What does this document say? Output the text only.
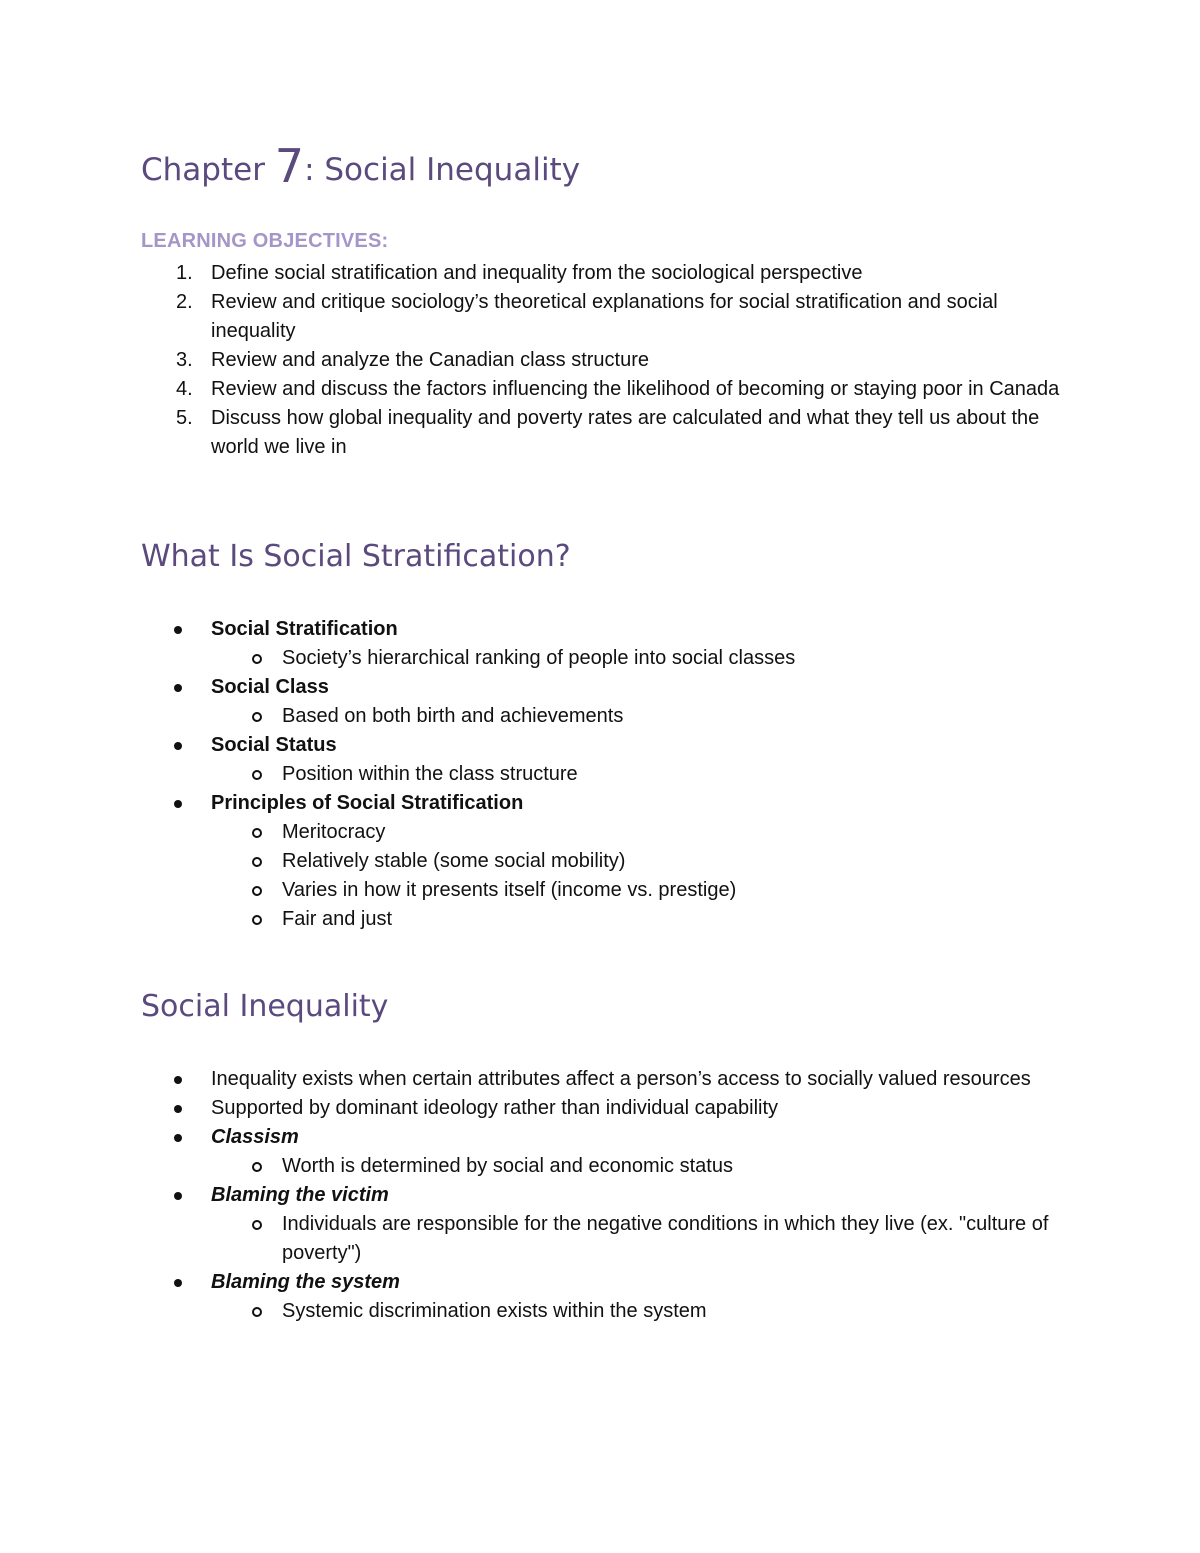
Chapter 7: Social Inequality
LEARNING OBJECTIVES:
1. Define social stratification and inequality from the sociological perspective
2. Review and critique sociology’s theoretical explanations for social stratification and social inequality
3. Review and analyze the Canadian class structure
4. Review and discuss the factors influencing the likelihood of becoming or staying poor in Canada
5. Discuss how global inequality and poverty rates are calculated and what they tell us about the world we live in
What Is Social Stratification?
Social Stratification
Society’s hierarchical ranking of people into social classes
Social Class
Based on both birth and achievements
Social Status
Position within the class structure
Principles of Social Stratification
Meritocracy
Relatively stable (some social mobility)
Varies in how it presents itself (income vs. prestige)
Fair and just
Social Inequality
Inequality exists when certain attributes affect a person’s access to socially valued resources
Supported by dominant ideology rather than individual capability
Classism
Worth is determined by social and economic status
Blaming the victim
Individuals are responsible for the negative conditions in which they live (ex. "culture of poverty")
Blaming the system
Systemic discrimination exists within the system
